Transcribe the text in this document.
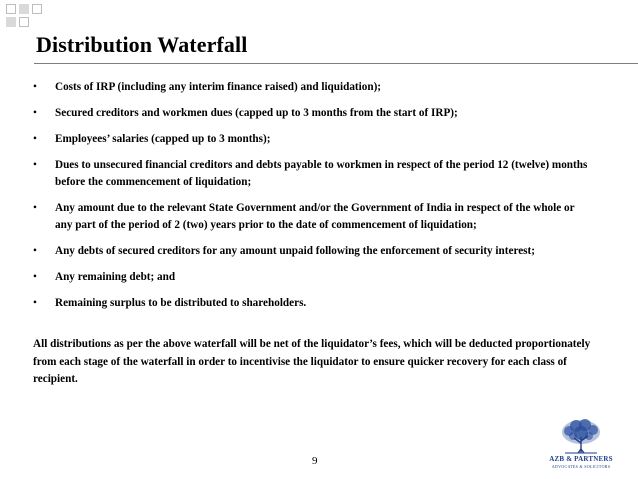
Distribution Waterfall
• Costs of IRP (including any interim finance raised) and liquidation);
• Secured creditors and workmen dues (capped up to 3 months from the start of IRP);
• Employees’ salaries (capped up to 3 months);
• Dues to unsecured financial creditors and debts payable to workmen in respect of the period 12 (twelve) months before the commencement of liquidation;
• Any amount due to the relevant State Government and/or the Government of India in respect of the whole or any part of the period of 2 (two) years prior to the date of commencement of liquidation;
• Any debts of secured creditors for any amount unpaid following the enforcement of security interest;
• Any remaining debt; and
• Remaining surplus to be distributed to shareholders.

All distributions as per the above waterfall will be net of the liquidator’s fees, which will be deducted proportionately from each stage of the waterfall in order to incentivise the liquidator to ensure quicker recovery for each class of recipient.

9	AZB & PARTNERS
ADVOCATES & SOLICITORS
